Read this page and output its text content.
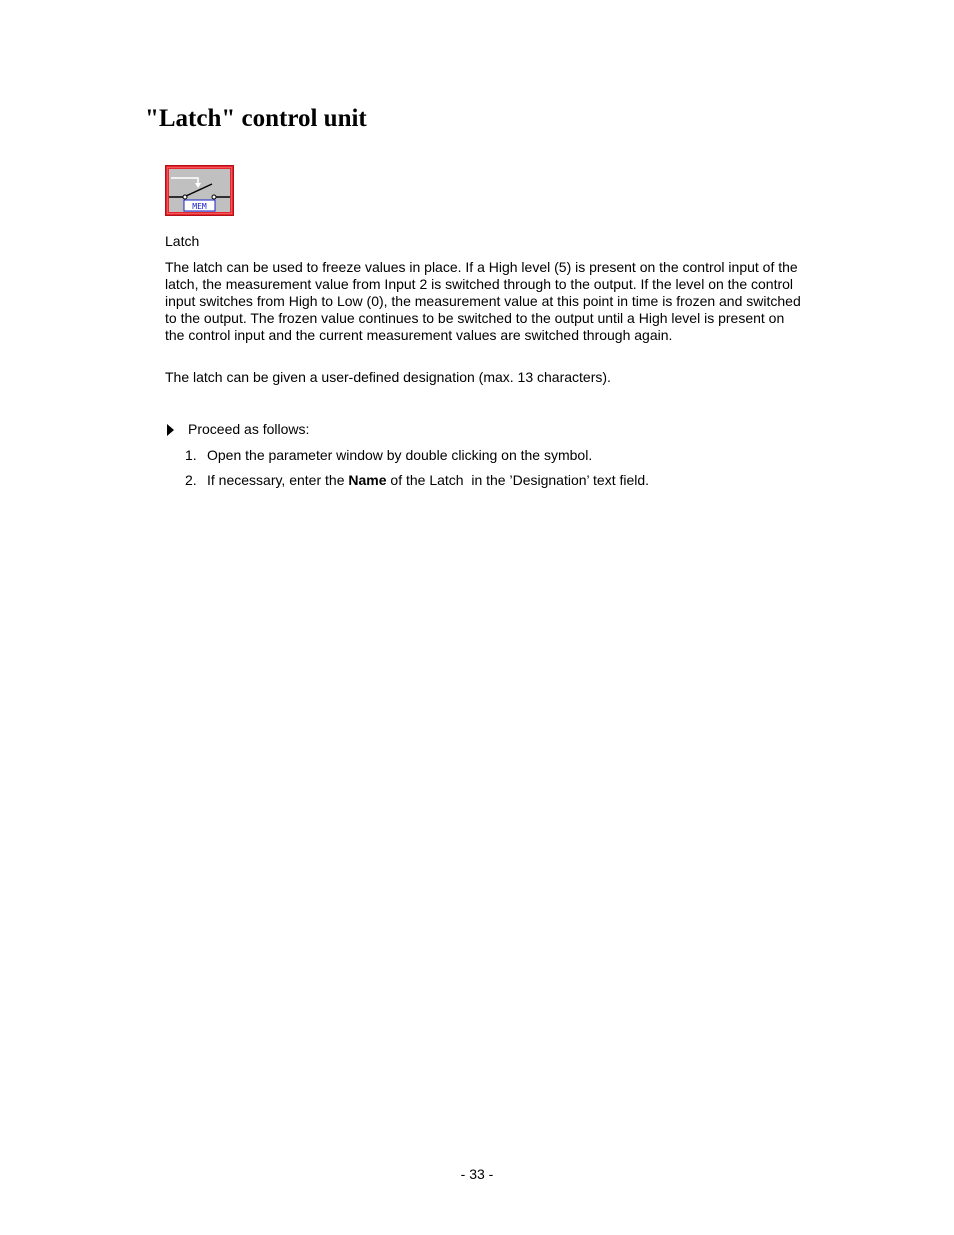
"Latch" control unit
MEM
Latch

The latch can be used to freeze values in place. If a High level (5) is present on the control input of the latch, the measurement value from Input 2 is switched through to the output. If the level on the control input switches from High to Low (0), the measurement value at this point in time is frozen and switched to the output. The frozen value continues to be switched to the output until a High level is present on the control input and the current measurement values are switched through again.

The latch can be given a user-defined designation (max. 13 characters).

Proceed as follows:
1. Open the parameter window by double clicking on the symbol.
2. If necessary, enter the Name of the Latch  in the ’Designation’ text field.
- 33 -
